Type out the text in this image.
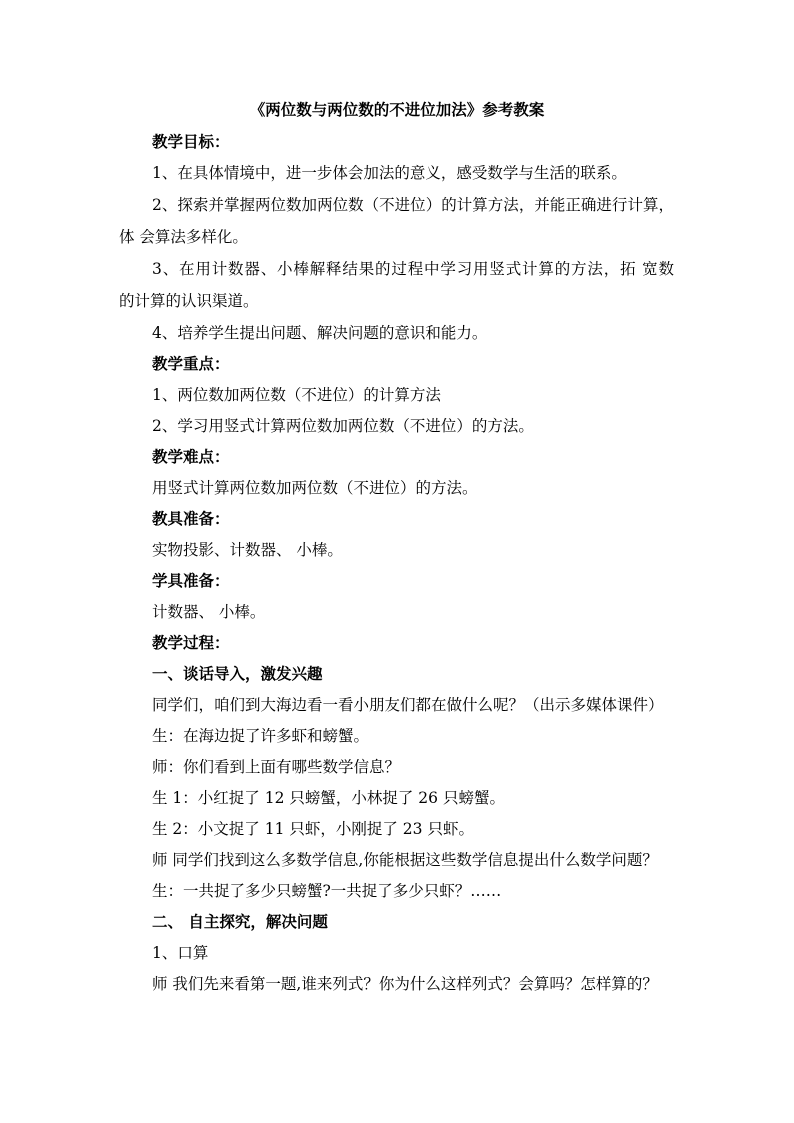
《两位数与两位数的不进位加法》参考教案
教学目标：
1、在具体情境中，进一步体会加法的意义，感受数学与生活的联系。
2、探索并掌握两位数加两位数（不进位）的计算方法，并能正确进行计算，
体 会算法多样化。
3、在用计数器、小棒解释结果的过程中学习用竖式计算的方法，拓 宽数
的计算的认识渠道。
4、培养学生提出问题、解决问题的意识和能力。
教学重点：
1、两位数加两位数（不进位）的计算方法
2、学习用竖式计算两位数加两位数（不进位）的方法。
教学难点：
用竖式计算两位数加两位数（不进位）的方法。
教具准备：
实物投影、计数器、 小棒。
学具准备：
计数器、 小棒。
教学过程：
一、谈话导入，激发兴趣
同学们，咱们到大海边看一看小朋友们都在做什么呢？（出示多媒体课件）
生：在海边捉了许多虾和螃蟹。
师：你们看到上面有哪些数学信息？
生 1：小红捉了 12 只螃蟹，小林捉了 26 只螃蟹。
生 2：小文捉了 11 只虾，小刚捉了 23 只虾。
师 同学们找到这么多数学信息,你能根据这些数学信息提出什么数学问题？
生：一共捉了多少只螃蟹?一共捉了多少只虾？……
二、 自主探究，解决问题
1、口算
师 我们先来看第一题,谁来列式？你为什么这样列式？会算吗？怎样算的？
